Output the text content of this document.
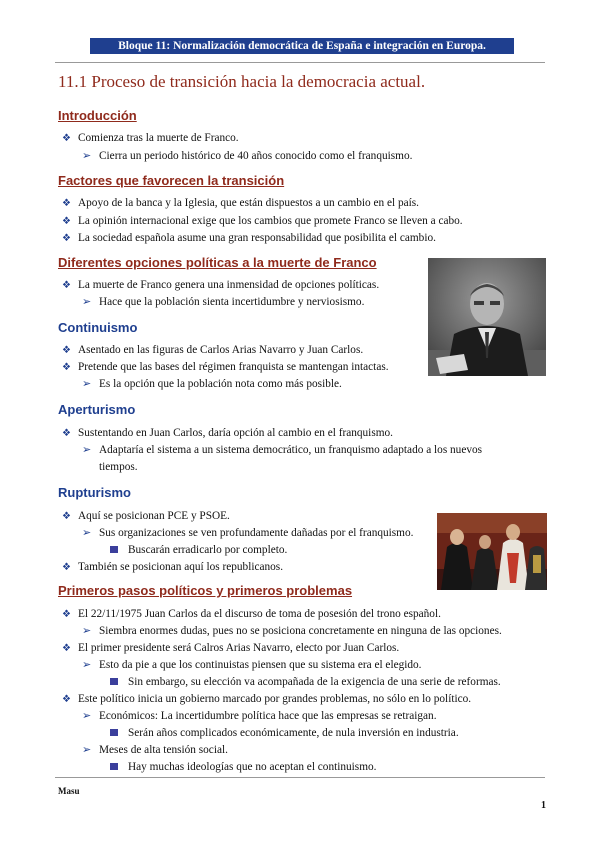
Bloque 11: Normalización democrática de España e integración en Europa.
11.1 Proceso de transición hacia la democracia actual.
Introducción
❖ Comienza tras la muerte de Franco.
➢ Cierra un periodo histórico de 40 años conocido como el franquismo.
Factores que favorecen la transición
❖ Apoyo de la banca y la Iglesia, que están dispuestos a un cambio en el país.
❖ La opinión internacional exige que los cambios que promete Franco se lleven a cabo.
❖ La sociedad española asume una gran responsabilidad que posibilita el cambio.
Diferentes opciones políticas a la muerte de Franco
❖ La muerte de Franco genera una inmensidad de opciones políticas.
➢ Hace que la población sienta incertidumbre y nerviosismo.
Continuismo
❖ Asentado en las figuras de Carlos Arias Navarro y Juan Carlos.
❖ Pretende que las bases del régimen franquista se mantengan intactas.
➢ Es la opción que la población nota como más posible.
Aperturismo
❖ Sustentando en Juan Carlos, daría opción al cambio en el franquismo.
➢ Adaptaría el sistema a un sistema democrático, un franquismo adaptado a los nuevos
tiempos.
Rupturismo
❖ Aquí se posicionan PCE y PSOE.
➢ Sus organizaciones se ven profundamente dañadas por el franquismo.
Buscarán erradicarlo por completo.
❖ También se posicionan aquí los republicanos.
Primeros pasos políticos y primeros problemas
❖ El 22/11/1975 Juan Carlos da el discurso de toma de posesión del trono español.
➢ Siembra enormes dudas, pues no se posiciona concretamente en ninguna de las opciones.
❖ El primer presidente será Calros Arias Navarro, electo por Juan Carlos.
➢ Esto da pie a que los continuistas piensen que su sistema era el elegido.
Sin embargo, su elección va acompañada de la exigencia de una serie de reformas.
❖ Este político inicia un gobierno marcado por grandes problemas, no sólo en lo político.
➢ Económicos: La incertidumbre política hace que las empresas se retraigan.
Serán años complicados económicamente, de nula inversión en industria.
➢ Meses de alta tensión social.
Hay muchas ideologías que no aceptan el continuismo.
Masu
1
